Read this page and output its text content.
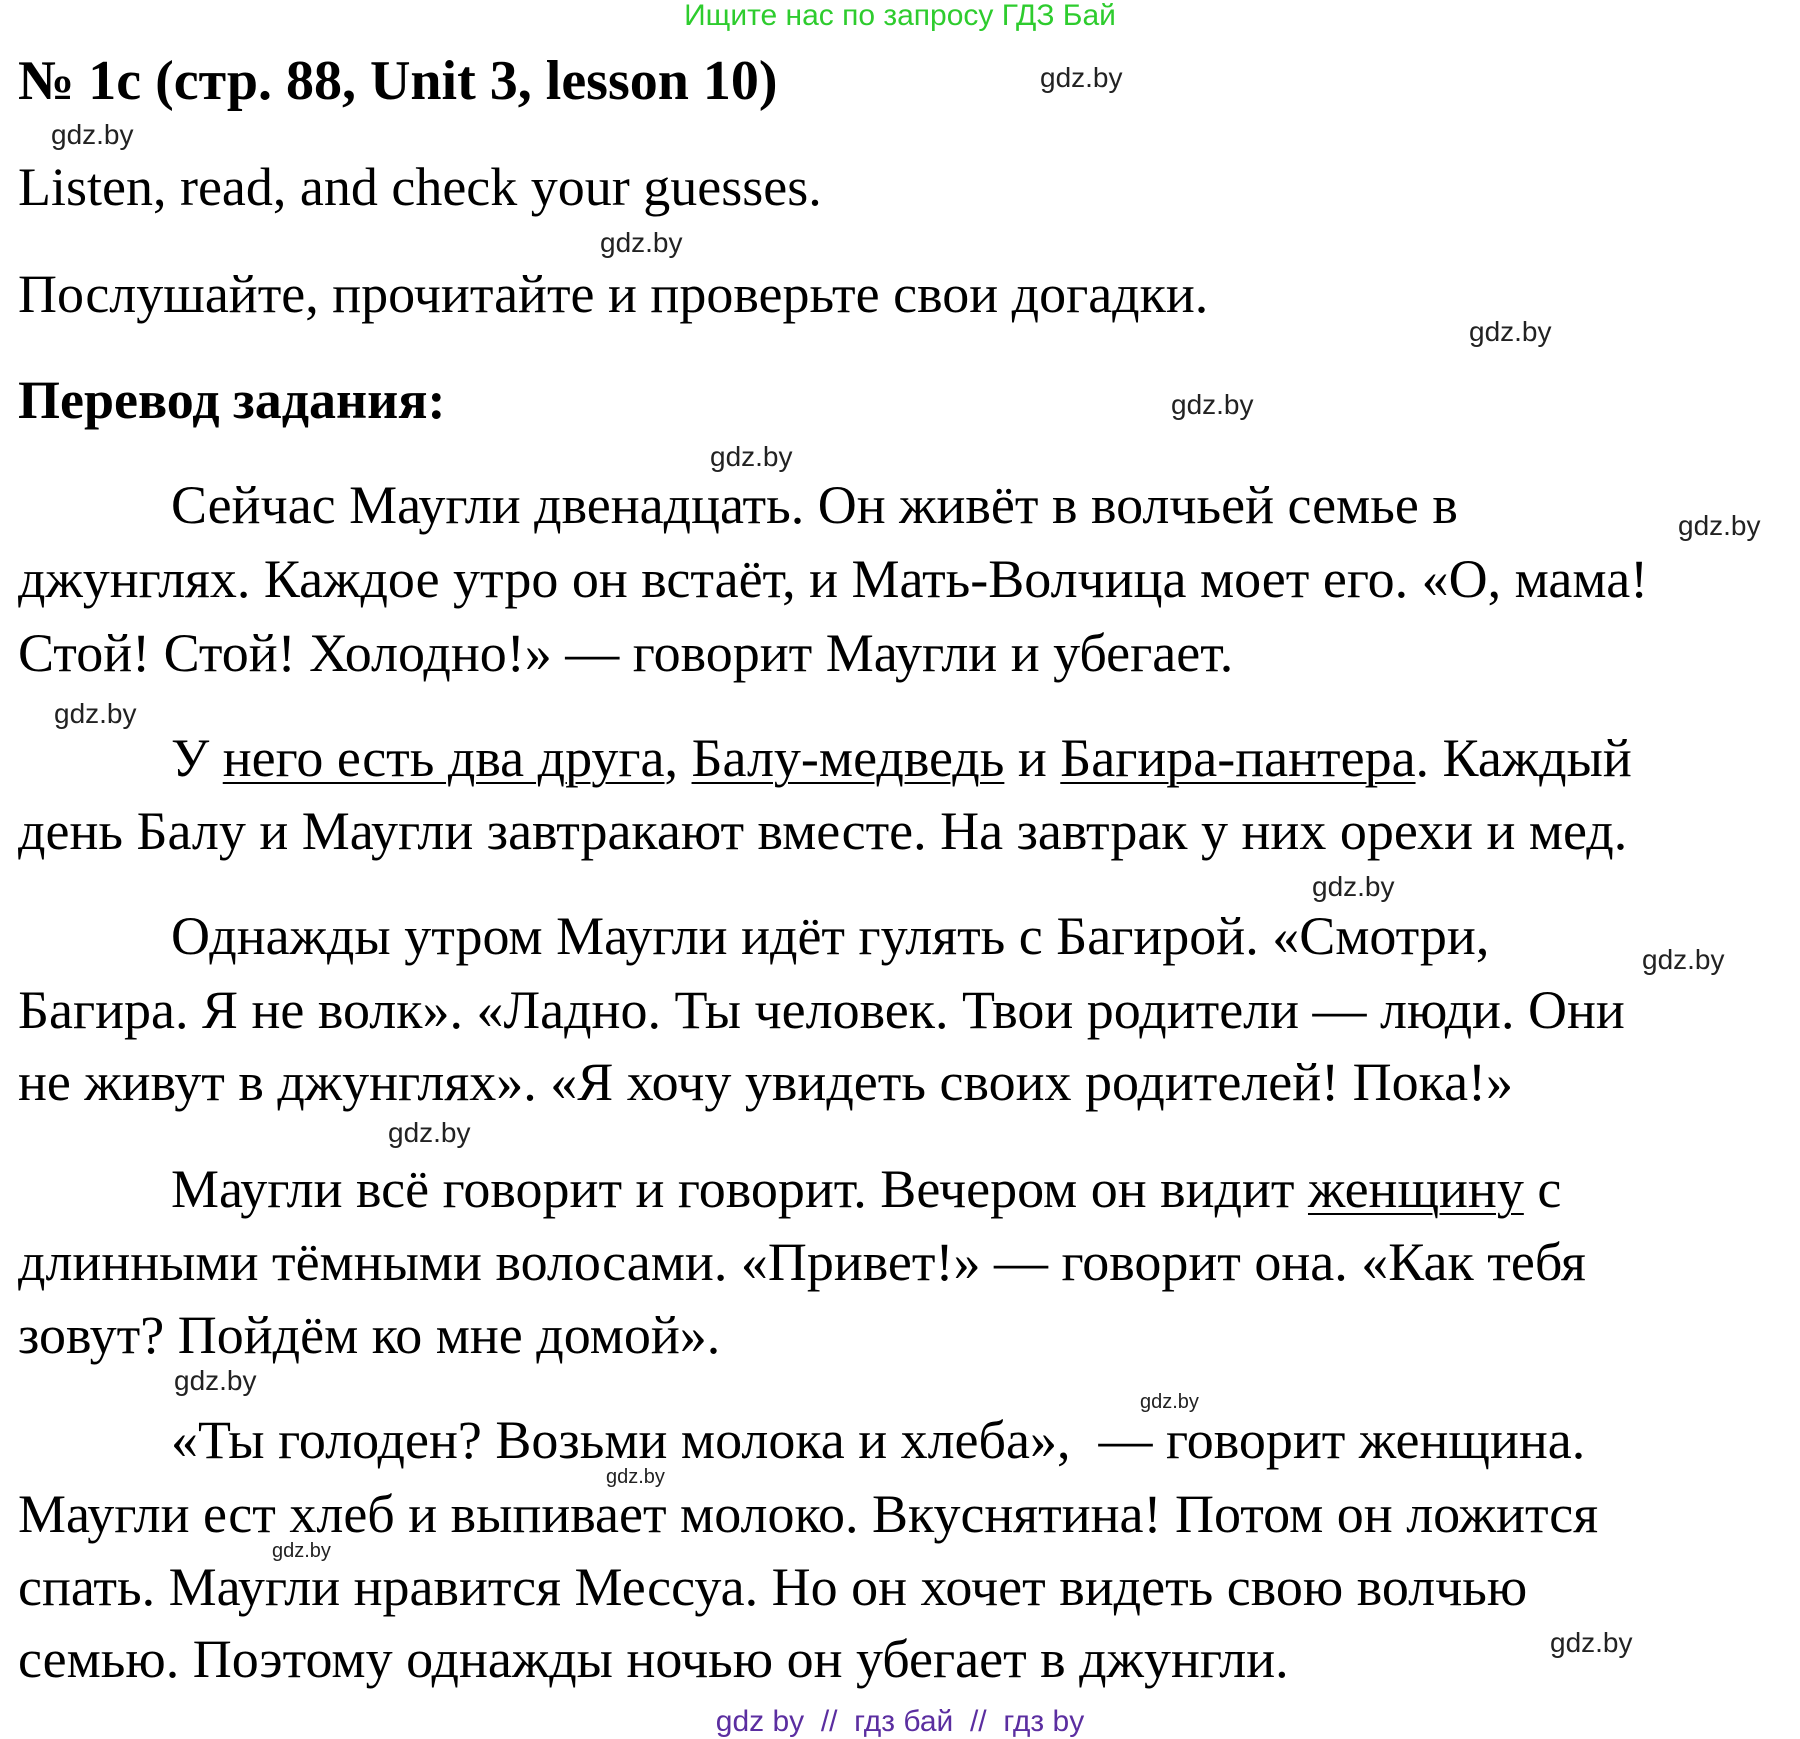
Ищите нас по запросу ГДЗ Бай
№ 1c (стр. 88, Unit 3, lesson 10)
Listen, read, and check your guesses.
Послушайте, прочитайте и проверьте свои догадки.
Перевод задания:
Сейчас Маугли двенадцать. Он живёт в волчьей семье в
джунглях. Каждое утро он встаёт, и Мать-Волчица моет его. «О, мама!
Стой! Стой! Холодно!» — говорит Маугли и убегает.
У него есть два друга, Балу-медведь и Багира-пантера. Каждый
день Балу и Маугли завтракают вместе. На завтрак у них орехи и мед.
Однажды утром Маугли идёт гулять с Багирой. «Смотри,
Багира. Я не волк». «Ладно. Ты человек. Твои родители — люди. Они
не живут в джунглях». «Я хочу увидеть своих родителей! Пока!»
Маугли всё говорит и говорит. Вечером он видит женщину с
длинными тёмными волосами. «Привет!» — говорит она. «Как тебя
зовут? Пойдём ко мне домой».
«Ты голоден? Возьми молока и хлеба», — говорит женщина.
Маугли ест хлеб и выпивает молоко. Вкуснятина! Потом он ложится
спать. Маугли нравится Мессуа. Но он хочет видеть свою волчью
семью. Поэтому однажды ночью он убегает в джунгли.
gdz.by
gdz.by
gdz.by
gdz.by
gdz.by
gdz.by
gdz.by
gdz.by
gdz.by
gdz.by
gdz.by
gdz.by
gdz.by
gdz.by
gdz.by
gdz.by
gdz by  //  гдз бай  //  гдз by
